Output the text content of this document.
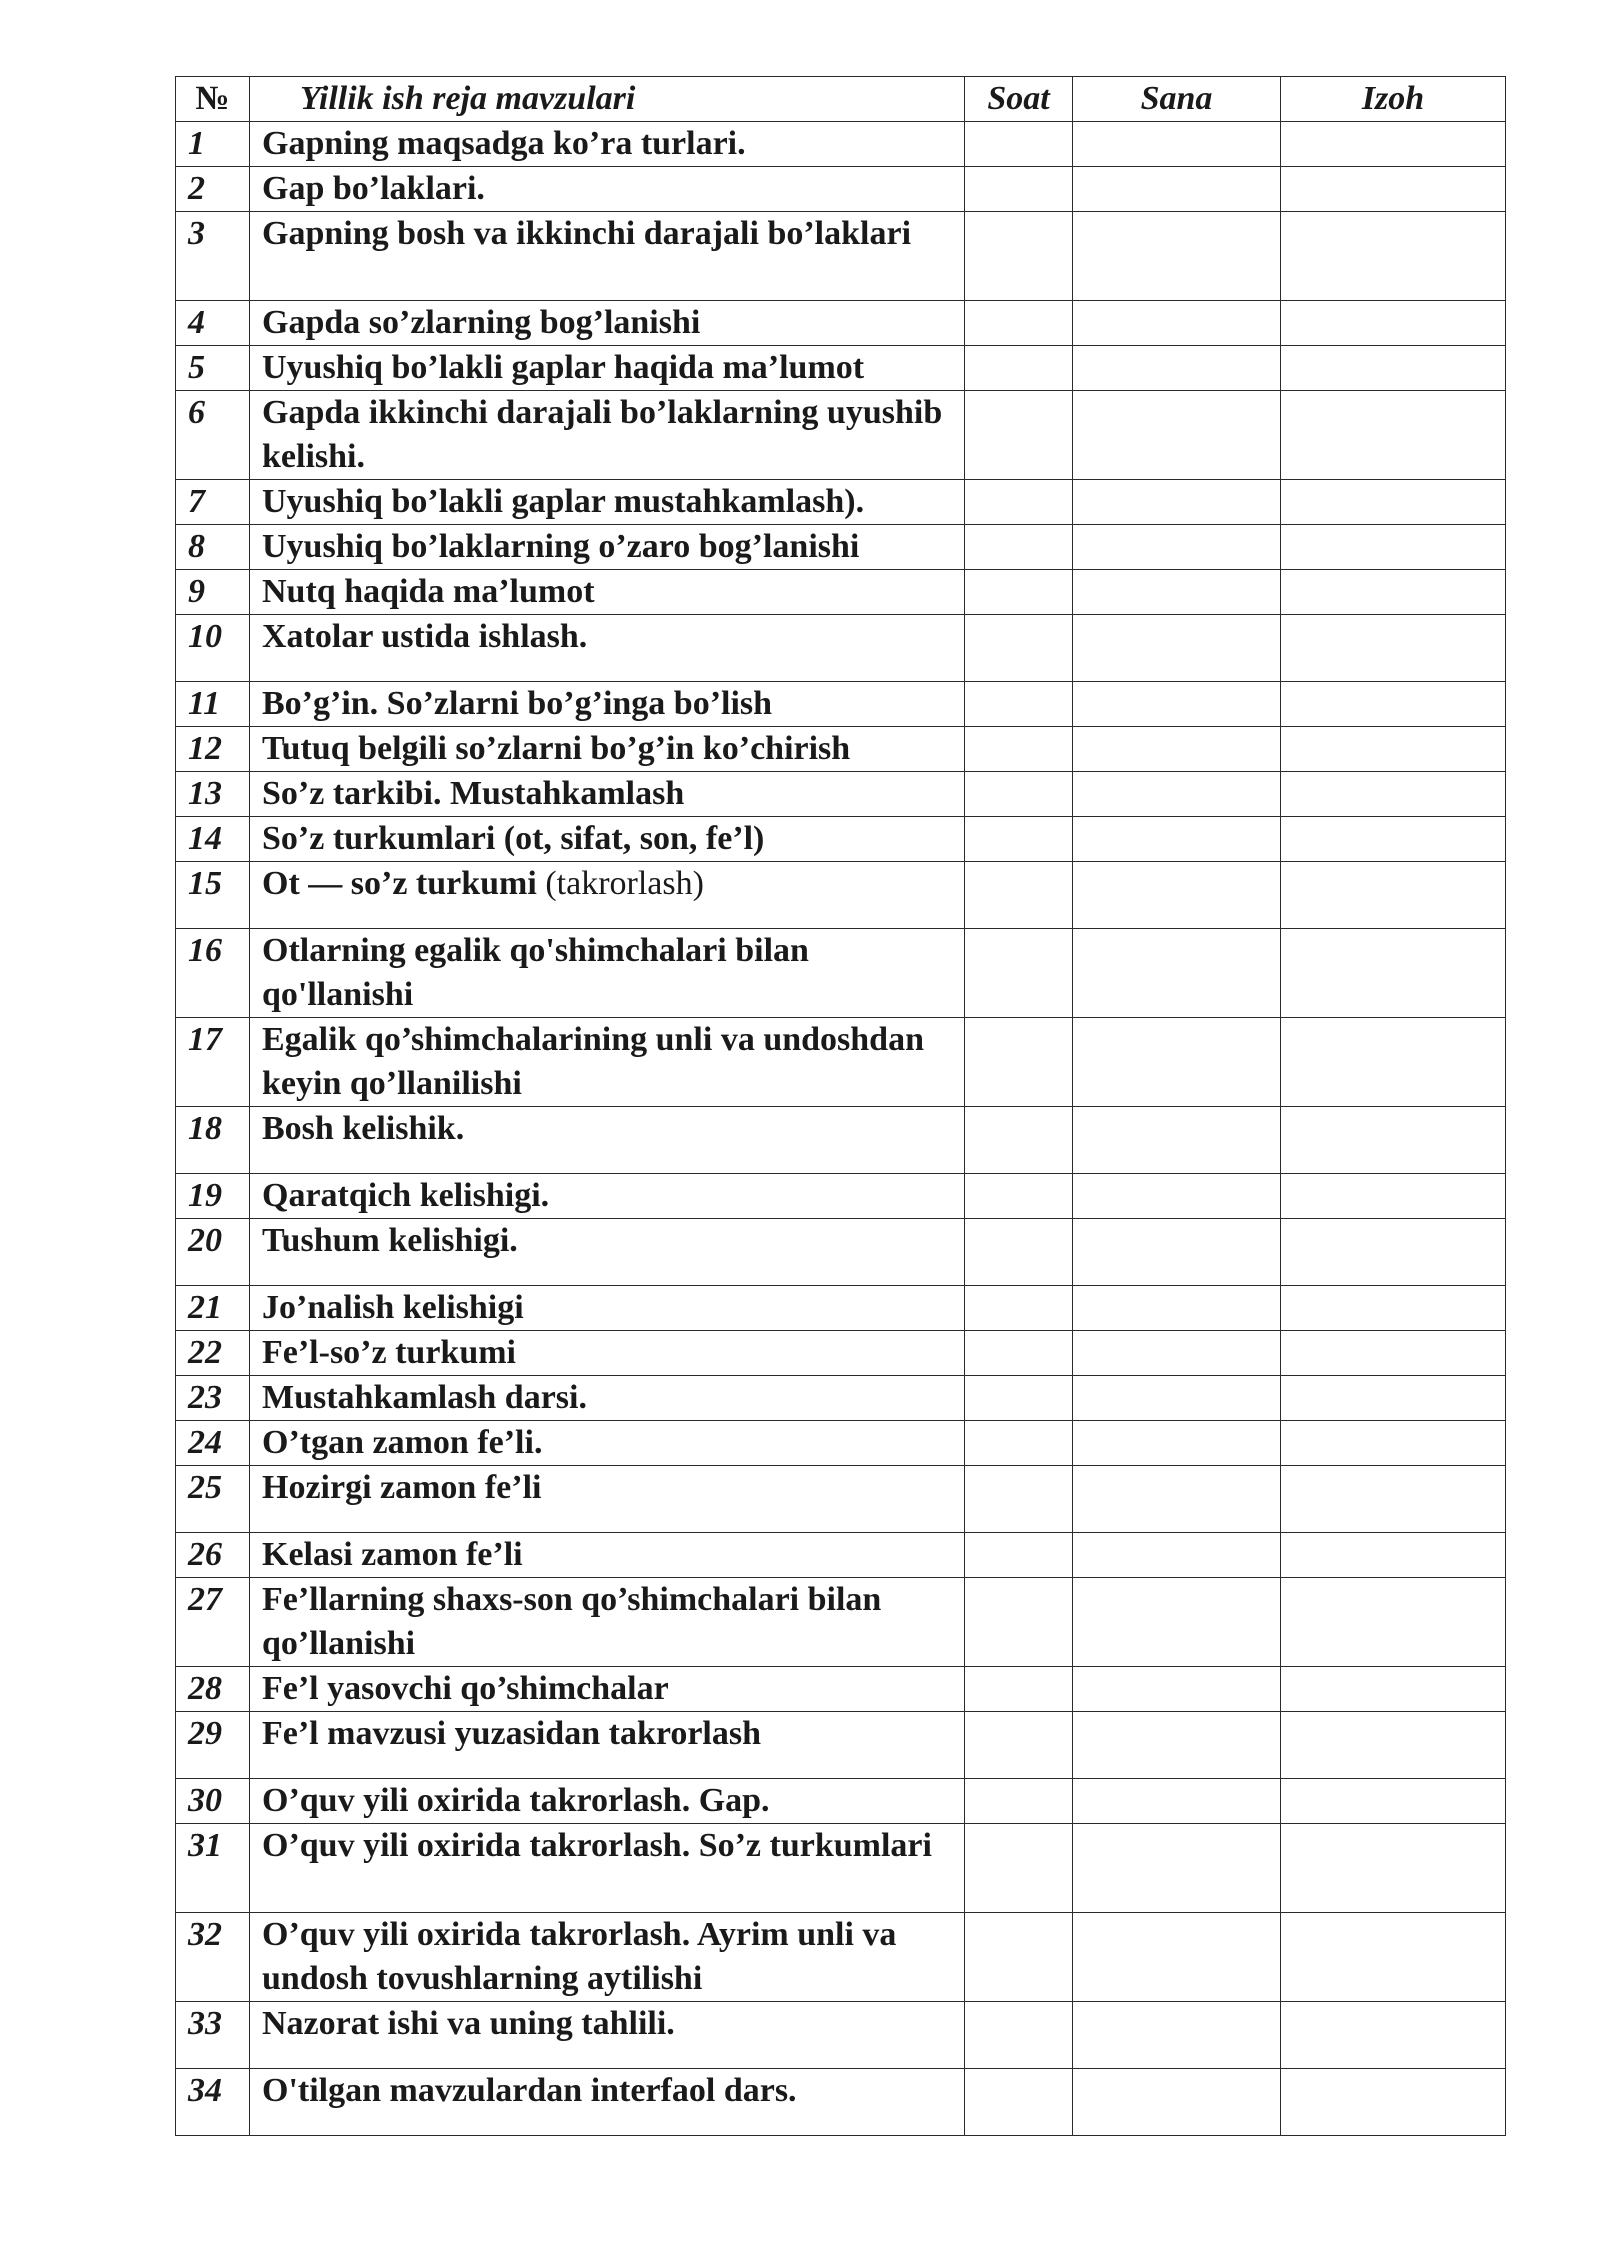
№	Yillik ish reja mavzulari	Soat	Sana	Izoh
1	Gapning maqsadga ko’ra turlari.			
2	Gap bo’laklari.			
3	Gapning bosh va ikkinchi darajali bo’laklari			
4	Gapda so’zlarning bog’lanishi			
5	Uyushiq bo’lakli gaplar haqida ma’lumot			
6	Gapda ikkinchi darajali bo’laklarning uyushib kelishi.			
7	Uyushiq bo’lakli gaplar mustahkamlash).			
8	Uyushiq bo’laklarning o’zaro bog’lanishi			
9	Nutq haqida ma’lumot			
10	Xatolar ustida ishlash.			
11	Bo’g’in. So’zlarni bo’g’inga bo’lish			
12	Tutuq belgili so’zlarni bo’g’in ko’chirish			
13	So’z tarkibi. Mustahkamlash			
14	So’z turkumlari (ot, sifat, son, fe’l)			
15	Ot — so’z turkumi (takrorlash)			
16	Otlarning egalik qo'shimchalari bilan qo'llanishi			
17	Egalik qo’shimchalarining unli va undoshdan keyin qo’llanilishi			
18	Bosh kelishik.			
19	Qaratqich kelishigi.			
20	Tushum kelishigi.			
21	Jo’nalish kelishigi			
22	Fe’l-so’z turkumi			
23	Mustahkamlash darsi.			
24	O’tgan zamon fe’li.			
25	Hozirgi zamon fe’li			
26	Kelasi zamon fe’li			
27	Fe’llarning shaxs-son qo’shimchalari bilan qo’llanishi			
28	Fe’l yasovchi qo’shimchalar			
29	Fe’l mavzusi yuzasidan takrorlash			
30	O’quv yili oxirida takrorlash. Gap.			
31	O’quv yili oxirida takrorlash. So’z turkumlari			
32	O’quv yili oxirida takrorlash. Ayrim unli va undosh tovushlarning aytilishi			
33	Nazorat ishi va uning tahlili.			
34	O'tilgan mavzulardan interfaol dars.			
